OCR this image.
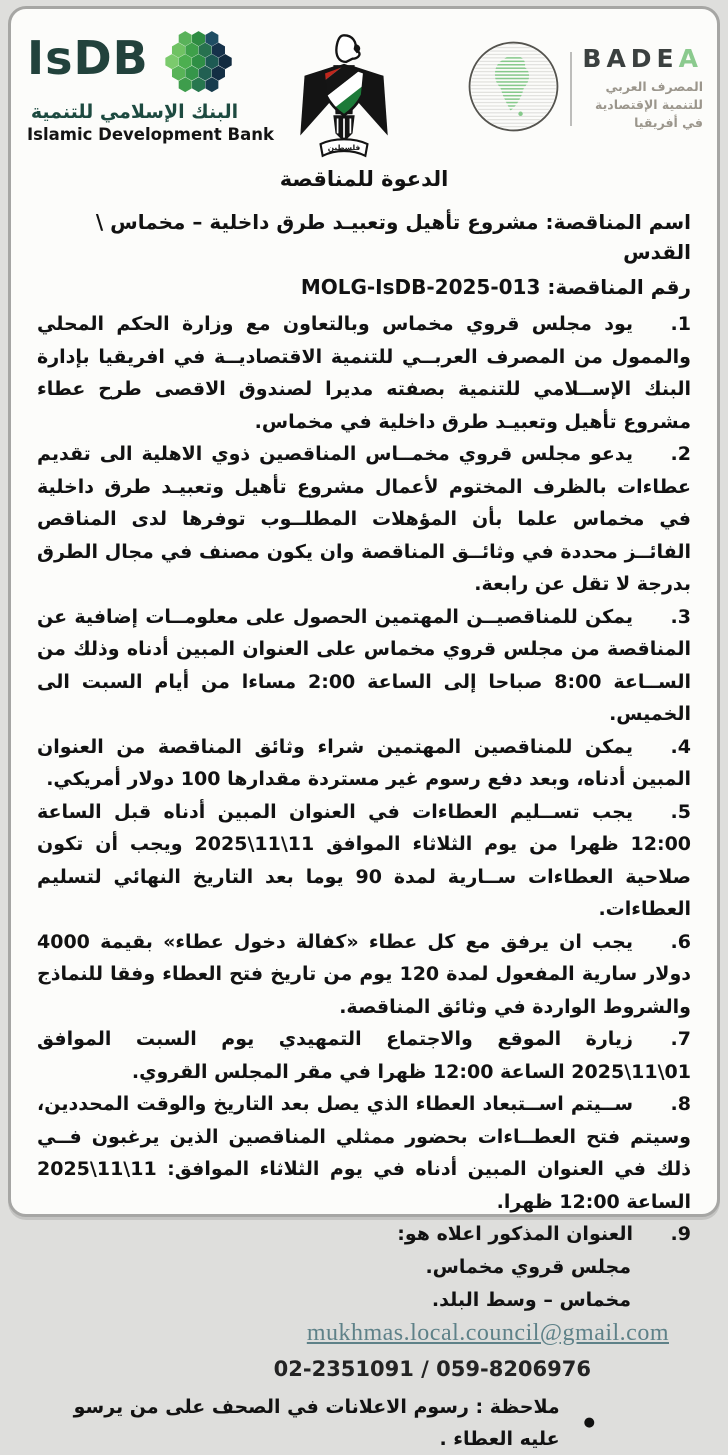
IsDB
البنك الإسلامي للتنمية
Islamic Development Bank
فلسطين
BADEA
المصرف العربي
للتنمية الإقتصادية
في أفريقيا
الدعوة للمناقصة
اسم المناقصة: مشروع تأهيل وتعبيـد طرق داخلية – مخماس \ القدس
رقم المناقصة: MOLG-IsDB-2025-013

1.يود مجلس قروي مخماس وبالتعاون مع وزارة الحكم المحلي والممول من المصرف العربــي للتنمية الاقتصاديــة في افريقيا بإدارة البنك الإســلامي للتنمية بصفته مديرا لصندوق الاقصى طرح عطاء مشروع تأهيل وتعبيـد طرق داخلية في مخماس.

2.يدعو مجلس قروي مخمــاس المناقصين ذوي الاهلية الى تقديم عطاءات بالظرف المختوم لأعمال مشروع تأهيل وتعبيـد طرق داخلية في مخماس علما بأن المؤهلات المطلــوب توفرها لدى المناقص الفائــز محددة في وثائــق المناقصة وان يكون مصنف في مجال الطرق بدرجة لا تقل عن رابعة.

3.يمكن للمناقصيــن المهتمين الحصول على معلومــات إضافية عن المناقصة من مجلس قروي مخماس على العنوان المبين أدناه وذلك من الســاعة 8:00 صباحا إلى الساعة 2:00 مساءا من أيام السبت الى الخميس.

4.يمكن للمناقصين المهتمين شراء وثائق المناقصة من العنوان المبين أدناه، وبعد دفع رسوم غير مستردة مقدارها 100 دولار أمريكي.

5.يجب تســليم العطاءات في العنوان المبين أدناه قبل الساعة 12:00 ظهرا من يوم الثلاثاء الموافق 11\11\2025 ويجب أن تكون صلاحية العطاءات ســارية لمدة 90 يوما بعد التاريخ النهائي لتسليم العطاءات.

6.يجب ان يرفق مع كل عطاء «كفالة دخول عطاء» بقيمة 4000 دولار سارية المفعول لمدة 120 يوم من تاريخ فتح العطاء وفقا للنماذج والشروط الواردة في وثائق المناقصة.

7.زيارة الموقع والاجتماع التمهيدي يوم السبت الموافق 01\11\2025 الساعة 12:00 ظهرا في مقر المجلس القروي.

8.ســيتم اســتبعاد العطاء الذي يصل بعد التاريخ والوقت المحددين، وسيتم فتح العطــاءات بحضور ممثلي المناقصين الذين يرغبون فــي ذلك في العنوان المبين أدناه في يوم الثلاثاء الموافق: 11\11\2025 الساعة 12:00 ظهرا.

9.العنوان المذكور اعلاه هو:

مجلس قروي مخماس.
مخماس – وسط البلد.
mukhmas.local.council@gmail.com
02-2351091 / 059-8206976
●
ملاحظة : رسوم الاعلانات في الصحف على من يرسو عليه العطاء .
